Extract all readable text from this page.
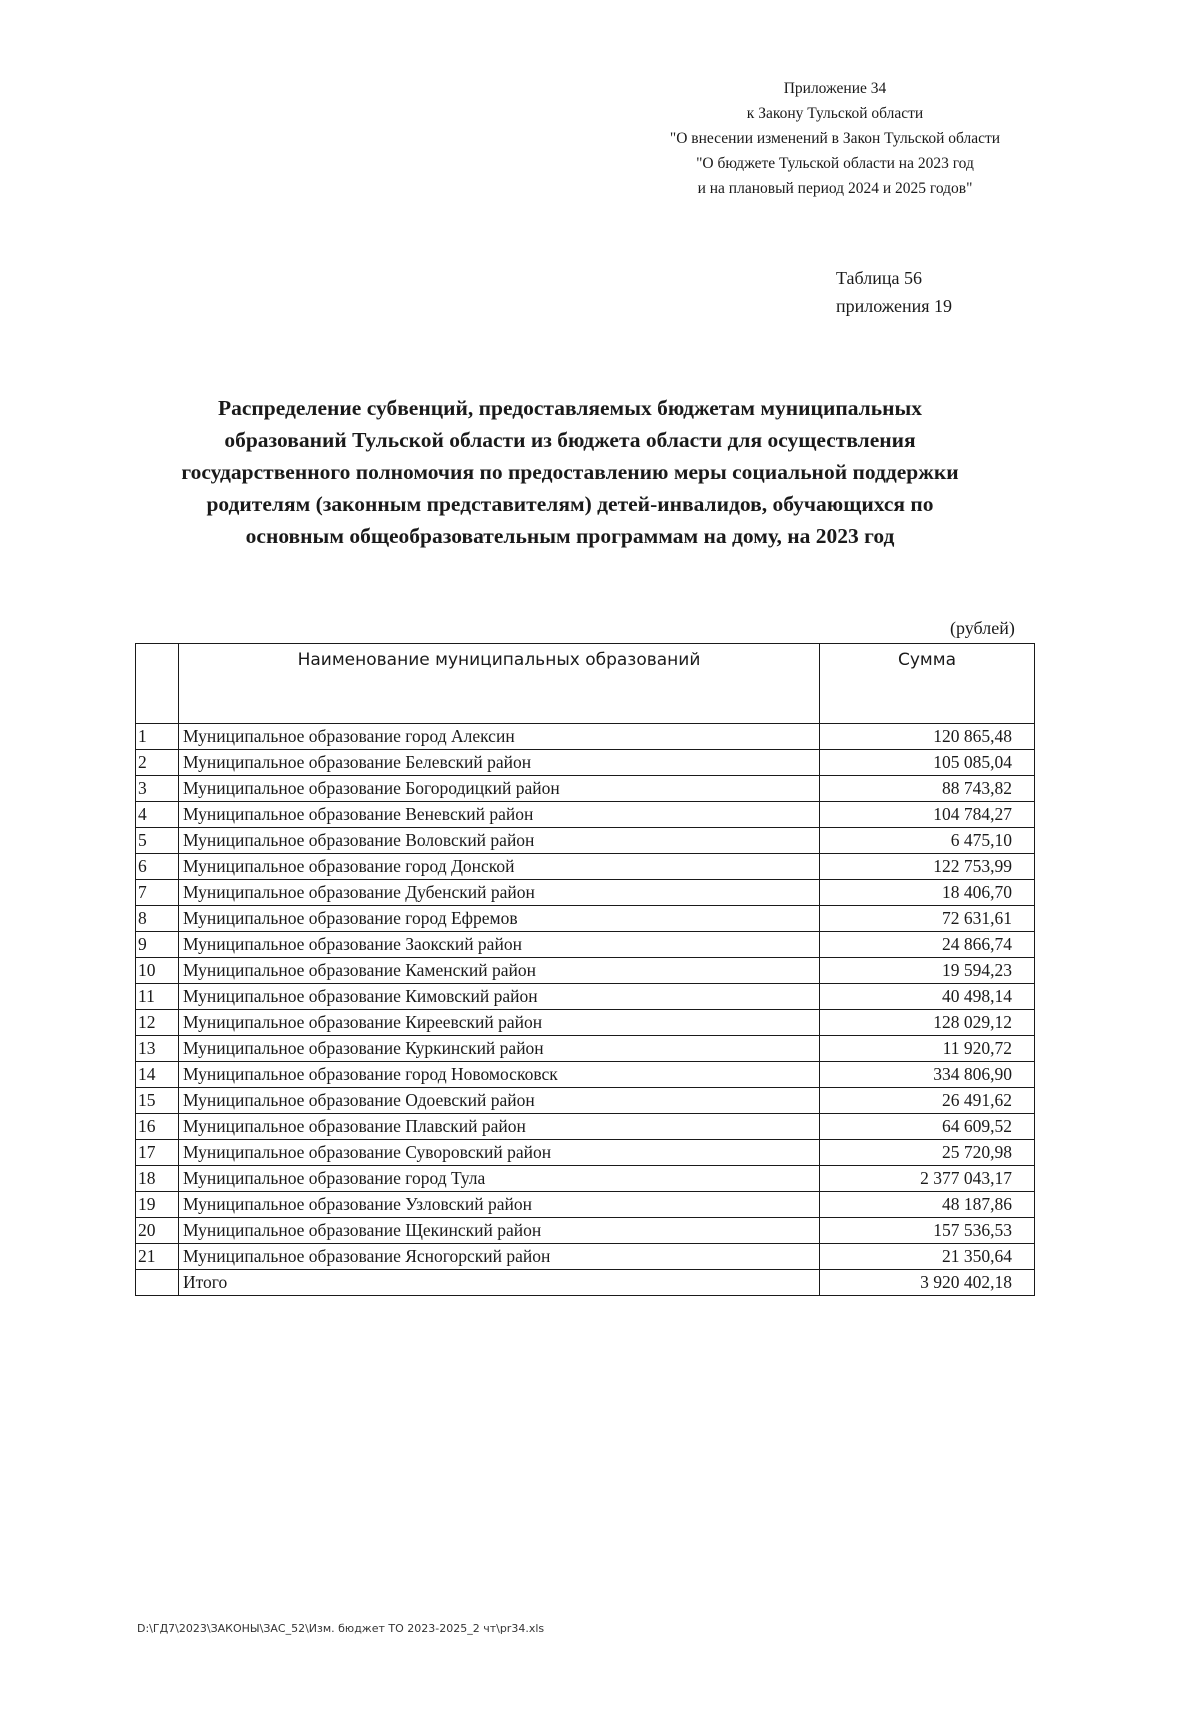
Приложение 34
к Закону Тульской области
"О внесении изменений в Закон Тульской области
"О бюджете Тульской области на 2023 год
и на плановый период 2024 и 2025 годов"
Таблица 56
приложения 19
Распределение субвенций, предоставляемых бюджетам муниципальных
образований Тульской области из бюджета области для осуществления
государственного полномочия по предоставлению меры социальной поддержки
родителям (законным представителям) детей-инвалидов, обучающихся по
основным общеобразовательным программам на дому, на 2023 год
(рублей)
	Наименование муниципальных образований	Сумма
1	Муниципальное образование город Алексин	120 865,48
2	Муниципальное образование Белевский район	105 085,04
3	Муниципальное образование Богородицкий район	88 743,82
4	Муниципальное образование Веневский район	104 784,27
5	Муниципальное образование Воловский район	6 475,10
6	Муниципальное образование город Донской	122 753,99
7	Муниципальное образование Дубенский район	18 406,70
8	Муниципальное образование город Ефремов	72 631,61
9	Муниципальное образование Заокский район	24 866,74
10	Муниципальное образование Каменский район	19 594,23
11	Муниципальное образование Кимовский район	40 498,14
12	Муниципальное образование Киреевский район	128 029,12
13	Муниципальное образование Куркинский район	11 920,72
14	Муниципальное образование город Новомосковск	334 806,90
15	Муниципальное образование Одоевский район	26 491,62
16	Муниципальное образование Плавский район	64 609,52
17	Муниципальное образование Суворовский район	25 720,98
18	Муниципальное образование город Тула	2 377 043,17
19	Муниципальное образование Узловский район	48 187,86
20	Муниципальное образование Щекинский район	157 536,53
21	Муниципальное образование Ясногорский район	21 350,64
	Итого	3 920 402,18
D:\ГД7\2023\ЗАКОНЫ\ЗАС_52\Изм. бюджет ТО 2023-2025_2 чт\pr34.xls
